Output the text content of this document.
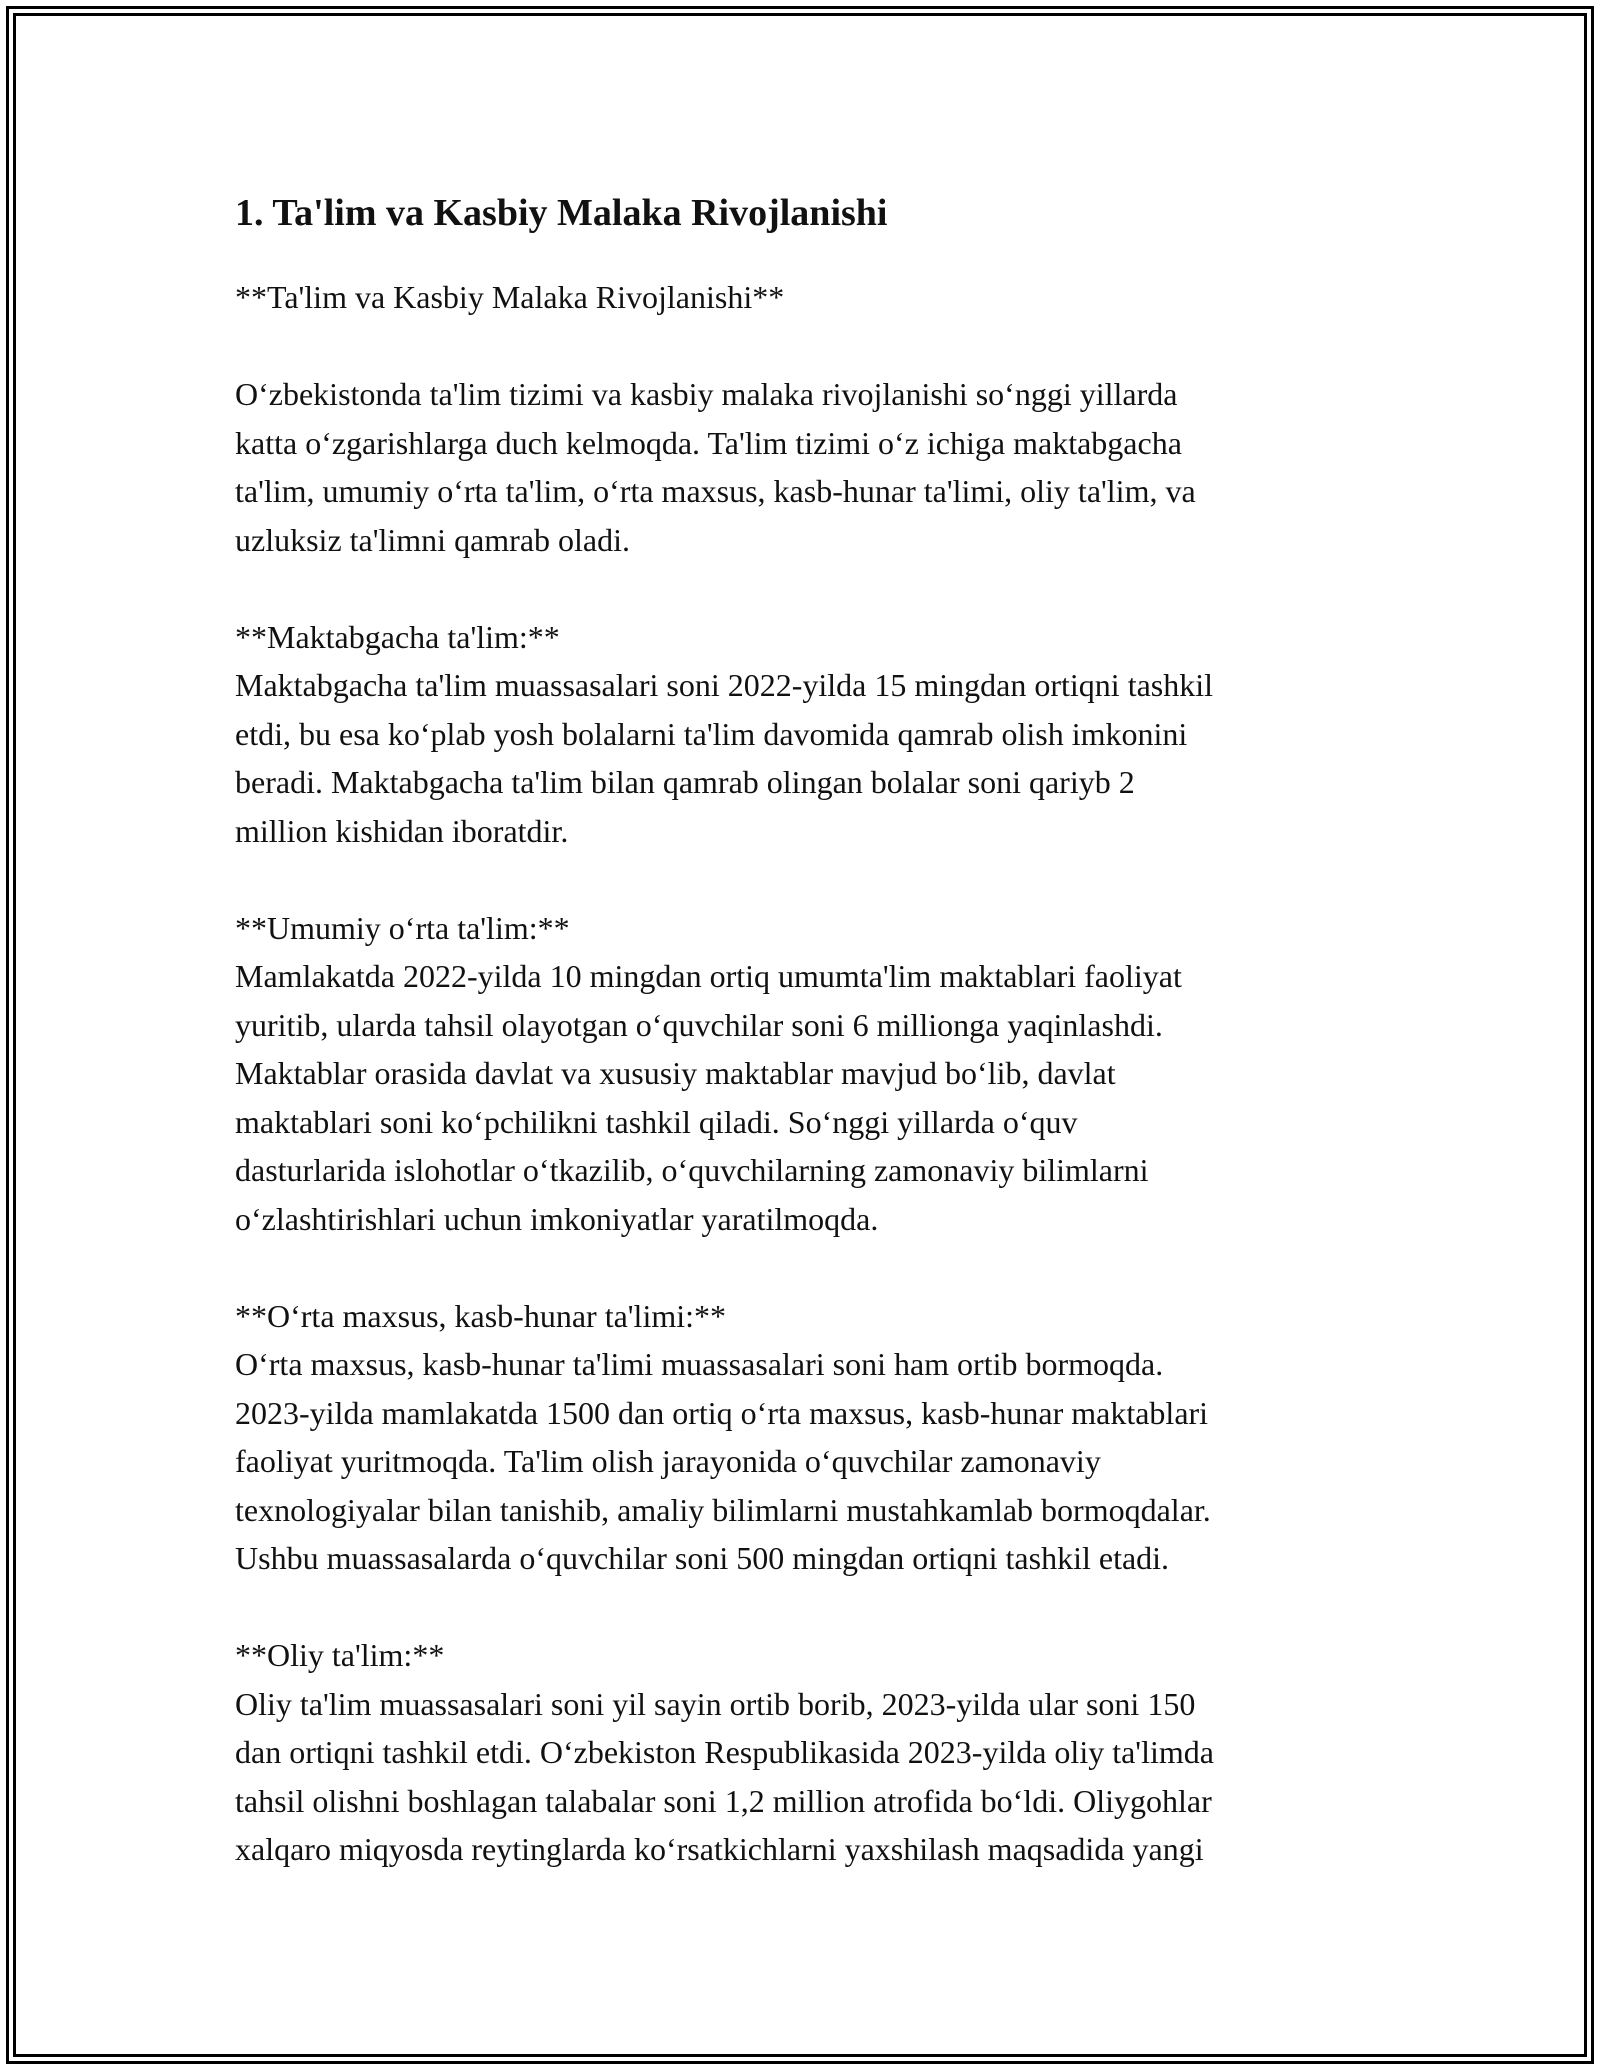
1. Ta'lim va Kasbiy Malaka Rivojlanishi
**Ta'lim va Kasbiy Malaka Rivojlanishi**
Oʻzbekistonda ta'lim tizimi va kasbiy malaka rivojlanishi soʻnggi yillarda
katta oʻzgarishlarga duch kelmoqda. Ta'lim tizimi oʻz ichiga maktabgacha
ta'lim, umumiy oʻrta ta'lim, oʻrta maxsus, kasb-hunar ta'limi, oliy ta'lim, va
uzluksiz ta'limni qamrab oladi.
**Maktabgacha ta'lim:**
Maktabgacha ta'lim muassasalari soni 2022-yilda 15 mingdan ortiqni tashkil
etdi, bu esa koʻplab yosh bolalarni ta'lim davomida qamrab olish imkonini
beradi. Maktabgacha ta'lim bilan qamrab olingan bolalar soni qariyb 2
million kishidan iboratdir.
**Umumiy oʻrta ta'lim:**
Mamlakatda 2022-yilda 10 mingdan ortiq umumta'lim maktablari faoliyat
yuritib, ularda tahsil olayotgan oʻquvchilar soni 6 millionga yaqinlashdi.
Maktablar orasida davlat va xususiy maktablar mavjud boʻlib, davlat
maktablari soni koʻpchilikni tashkil qiladi. Soʻnggi yillarda oʻquv
dasturlarida islohotlar oʻtkazilib, oʻquvchilarning zamonaviy bilimlarni
oʻzlashtirishlari uchun imkoniyatlar yaratilmoqda.
**Oʻrta maxsus, kasb-hunar ta'limi:**
Oʻrta maxsus, kasb-hunar ta'limi muassasalari soni ham ortib bormoqda.
2023-yilda mamlakatda 1500 dan ortiq oʻrta maxsus, kasb-hunar maktablari
faoliyat yuritmoqda. Ta'lim olish jarayonida oʻquvchilar zamonaviy
texnologiyalar bilan tanishib, amaliy bilimlarni mustahkamlab bormoqdalar.
Ushbu muassasalarda oʻquvchilar soni 500 mingdan ortiqni tashkil etadi.
**Oliy ta'lim:**
Oliy ta'lim muassasalari soni yil sayin ortib borib, 2023-yilda ular soni 150
dan ortiqni tashkil etdi. Oʻzbekiston Respublikasida 2023-yilda oliy ta'limda
tahsil olishni boshlagan talabalar soni 1,2 million atrofida boʻldi. Oliygohlar
xalqaro miqyosda reytinglarda koʻrsatkichlarni yaxshilash maqsadida yangi
